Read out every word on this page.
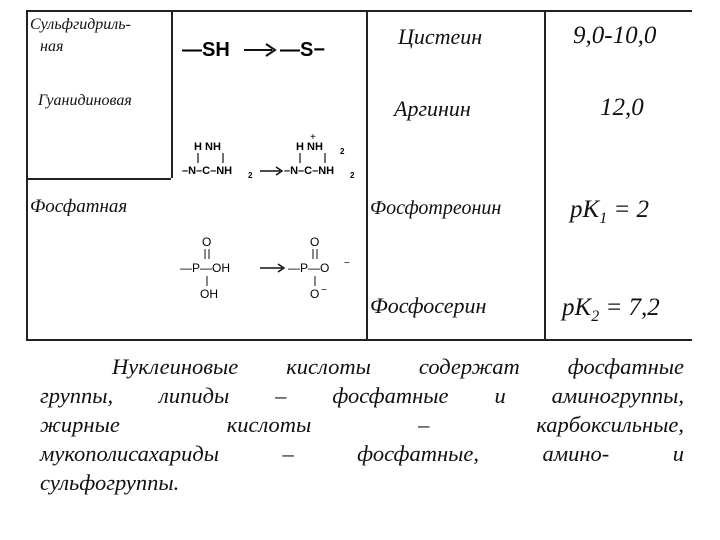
Сульфгидриль-
ная
Гуанидиновая
Фосфатная
Цистеин
Аргинин
Фосфотреонин
Фосфосерин
9,0-10,0
12,0
$pK_1 = 2$
$pK_2 = 7,2$
—SH	—S−
H NH
–N–C–NH 2
+
H NH 2
–N–C–NH 2
O
—P—OH
OH
O
—P—O −
O −
Нуклеиновые кислоты содержат фосфатные
группы, липиды – фосфатные и аминогруппы,
жирные кислоты – карбоксильные,
мукополисахариды – фосфатные, амино- и
сульфогруппы.
